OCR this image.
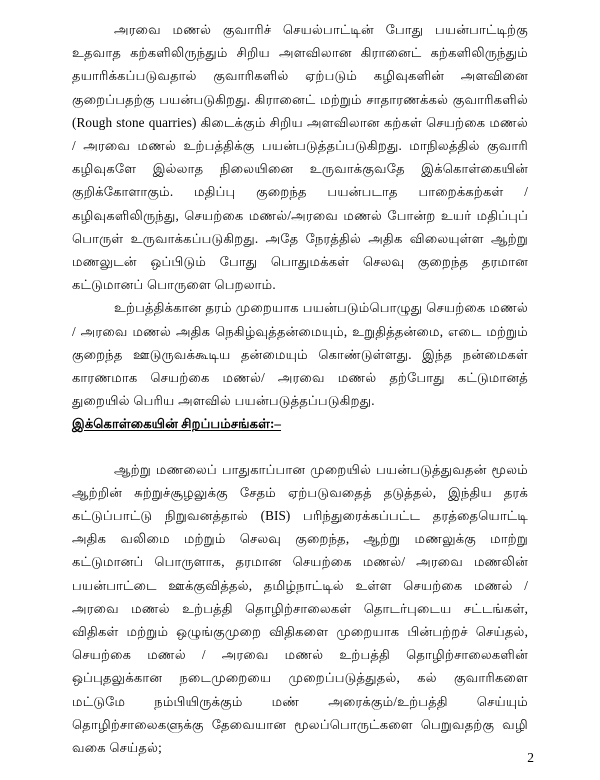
அரவை மணல் குவாரிச் செயல்பாட்டின் போது பயன்பாட்டிற்கு உதவாத கற்களிலிருந்தும் சிறிய அளவிலான கிரானைட் கற்களிலிருந்தும் தயாரிக்கப்படுவதால் குவாரிகளில் ஏற்படும் கழிவுகளின் அளவினை குறைப்பதற்கு பயன்படுகிறது. கிரானைட் மற்றும் சாதாரணக்கல் குவாரிகளில் (Rough stone quarries) கிடைக்கும் சிறிய அளவிலான கற்கள் செயற்கை மணல் / அரவை மணல் உற்பத்திக்கு பயன்படுத்தப்படுகிறது. மாநிலத்தில் குவாரி கழிவுகளே இல்லாத நிலையினை உருவாக்குவதே இக்கொள்கையின் குறிக்கோளாகும். மதிப்பு குறைந்த பயன்படாத பாறைக்கற்கள் / கழிவுகளிலிருந்து, செயற்கை மணல்/அரவை மணல் போன்ற உயர் மதிப்புப் பொருள் உருவாக்கப்படுகிறது. அதே நேரத்தில் அதிக விலையுள்ள ஆற்று மணலுடன் ஒப்பிடும் போது பொதுமக்கள் செலவு குறைந்த தரமான கட்டுமானப் பொருளை பெறலாம்.

உற்பத்திக்கான தரம் முறையாக பயன்படும்பொழுது செயற்கை மணல் / அரவை மணல் அதிக நெகிழ்வுத்தன்மையும், உறுதித்தன்மை, எடை மற்றும் குறைந்த ஊடுருவக்கூடிய தன்மையும் கொண்டுள்ளது. இந்த நன்மைகள் காரணமாக செயற்கை மணல்/ அரவை மணல் தற்போது கட்டுமானத் துறையில் பெரிய அளவில் பயன்படுத்தப்படுகிறது.

இக்கொள்கையின் சிறப்பம்சங்கள்:–

ஆற்று மணலைப் பாதுகாப்பான முறையில் பயன்படுத்துவதன் மூலம் ஆற்றின் சுற்றுச்சூழலுக்கு சேதம் ஏற்படுவதைத் தடுத்தல், இந்திய தரக் கட்டுப்பாட்டு நிறுவனத்தால் (BIS) பரிந்துரைக்கப்பட்ட தரத்தையொட்டி அதிக வலிமை மற்றும் செலவு குறைந்த, ஆற்று மணலுக்கு மாற்று கட்டுமானப் பொருளாக, தரமான செயற்கை மணல்/ அரவை மணலின் பயன்பாட்டை ஊக்குவித்தல், தமிழ்நாட்டில் உள்ள செயற்கை மணல் / அரவை மணல் உற்பத்தி தொழிற்சாலைகள் தொடர்புடைய சட்டங்கள், விதிகள் மற்றும் ஒழுங்குமுறை விதிகளை முறையாக பின்பற்றச் செய்தல், செயற்கை மணல் / அரவை மணல் உற்பத்தி தொழிற்சாலைகளின் ஒப்புதலுக்கான நடைமுறையை முறைப்படுத்துதல், கல் குவாரிகளை மட்டுமே நம்பியிருக்கும் மண் அரைக்கும்/உற்பத்தி செய்யும் தொழிற்சாலைகளுக்கு தேவையான மூலப்பொருட்களை பெறுவதற்கு வழி வகை செய்தல்;

2
